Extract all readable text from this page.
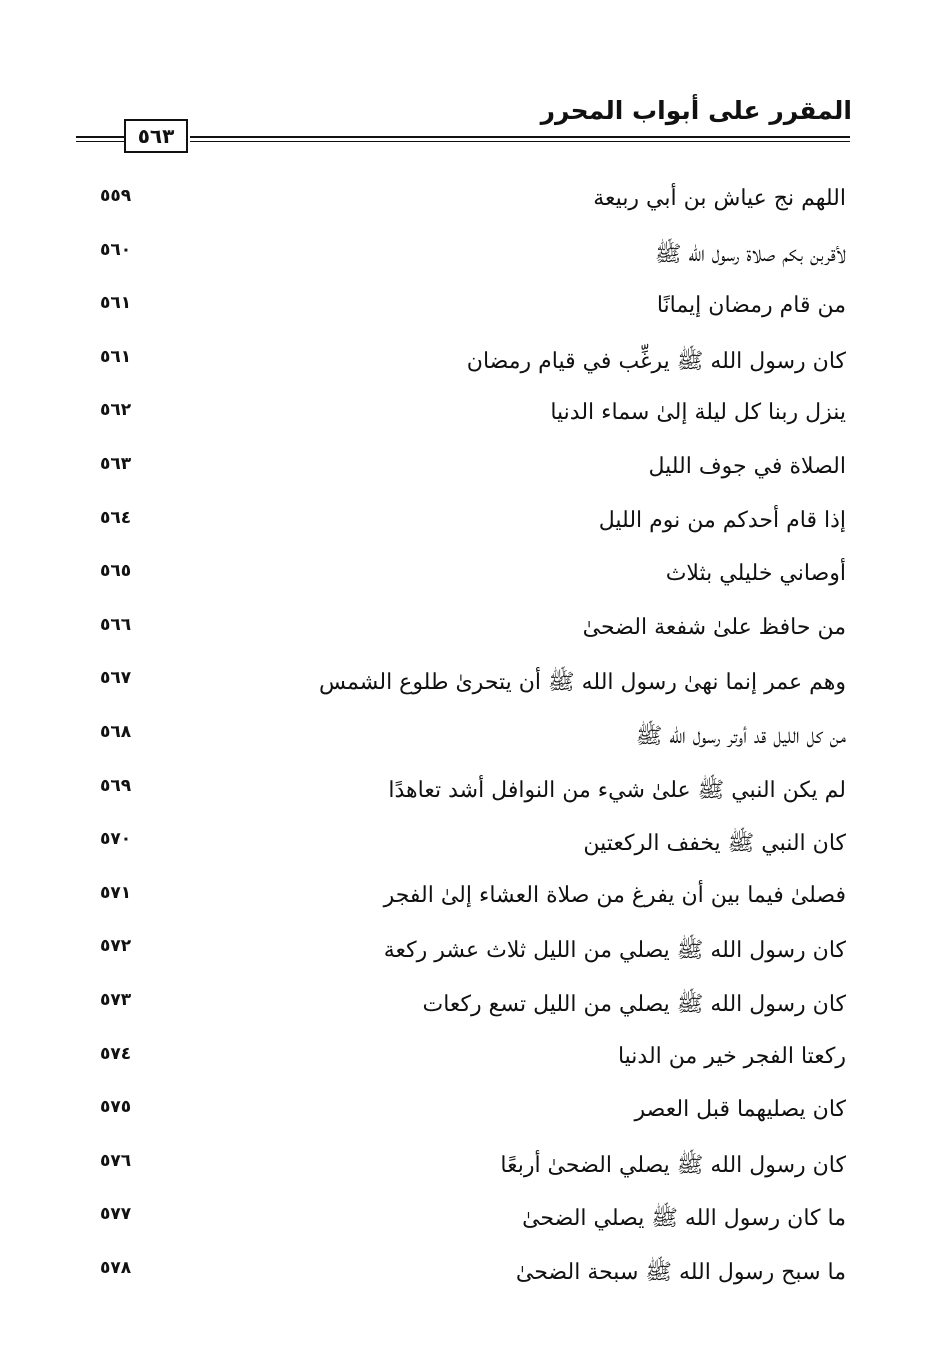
المقرر على أبواب المحرر
٥٦٣
اللهم نج عياش بن أبي ربيعة
٥٥٩
لأقربن بكم صلاة رسول الله ﷺ
٥٦٠
من قام رمضان إيمانًا
٥٦١
كان رسول الله ﷺ يرغِّب في قيام رمضان
٥٦١
ينزل ربنا كل ليلة إلىٰ سماء الدنيا
٥٦٢
الصلاة في جوف الليل
٥٦٣
إذا قام أحدكم من نوم الليل
٥٦٤
أوصاني خليلي بثلاث
٥٦٥
من حافظ علىٰ شفعة الضحىٰ
٥٦٦
وهم عمر إنما نهىٰ رسول الله ﷺ أن يتحرىٰ طلوع الشمس
٥٦٧
من كل الليل قد أوتر رسول الله ﷺ
٥٦٨
لم يكن النبي ﷺ علىٰ شيء من النوافل أشد تعاهدًا
٥٦٩
كان النبي ﷺ يخفف الركعتين
٥٧٠
فصلىٰ فيما بين أن يفرغ من صلاة العشاء إلىٰ الفجر
٥٧١
كان رسول الله ﷺ يصلي من الليل ثلاث عشر ركعة
٥٧٢
كان رسول الله ﷺ يصلي من الليل تسع ركعات
٥٧٣
ركعتا الفجر خير من الدنيا
٥٧٤
كان يصليهما قبل العصر
٥٧٥
كان رسول الله ﷺ يصلي الضحىٰ أربعًا
٥٧٦
ما كان رسول الله ﷺ يصلي الضحىٰ
٥٧٧
ما سبح رسول الله ﷺ سبحة الضحىٰ
٥٧٨
